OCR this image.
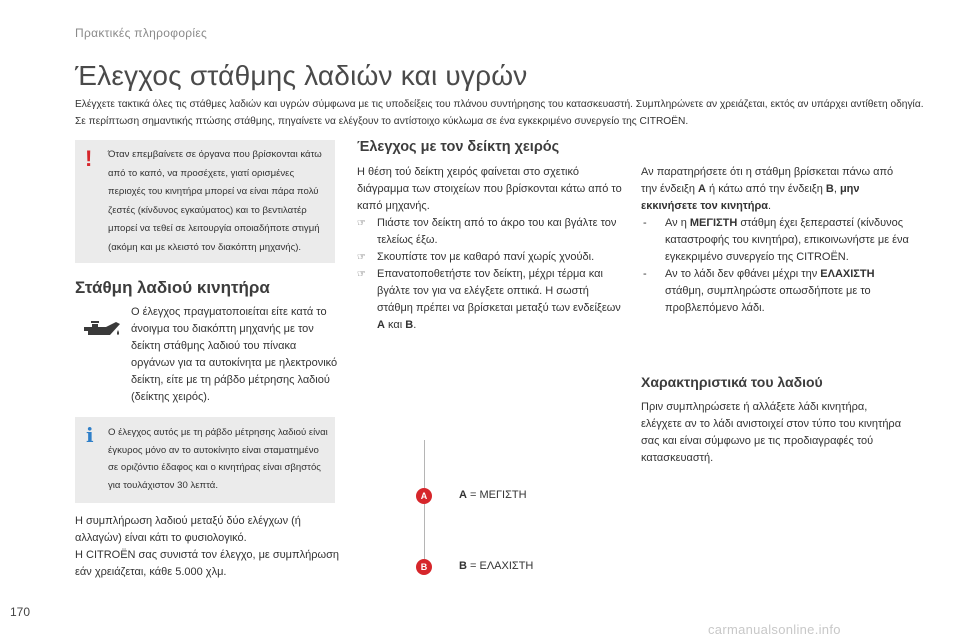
Πρακτικές πληροφορίες
Έλεγχος στάθμης λαδιών και υγρών
Ελέγχετε τακτικά όλες τις στάθμες λαδιών και υγρών σύμφωνα με τις υποδείξεις του πλάνου συντήρησης του κατασκευαστή. Συμπληρώνετε αν χρειάζεται, εκτός αν υπάρχει αντίθετη οδηγία.
Σε περίπτωση σημαντικής πτώσης στάθμης, πηγαίνετε να ελέγξουν το αντίστοιχο κύκλωμα σε ένα εγκεκριμένο συνεργείο της CITROËN.
! Όταν επεμβαίνετε σε όργανα που βρίσκονται κάτω από το καπό, να προσέχετε, γιατί ορισμένες περιοχές του κινητήρα μπορεί να είναι πάρα πολύ ζεστές (κίνδυνος εγκαύματος) και το βεντιλατέρ μπορεί να τεθεί σε λειτουργία οποιαδήποτε στιγμή (ακόμη και με κλειστό τον διακόπτη μηχανής).
Στάθμη λαδιού κινητήρα
Ο έλεγχος πραγματοποιείται είτε κατά το άνοιγμα του διακόπτη μηχανής με τον δείκτη στάθμης λαδιού του πίνακα οργάνων για τα αυτοκίνητα με ηλεκτρονικό δείκτη, είτε με τη ράβδο μέτρησης λαδιού (δείκτης χειρός).
i Ο έλεγχος αυτός με τη ράβδο μέτρησης λαδιού είναι έγκυρος μόνο αν το αυτοκίνητο είναι σταματημένο σε οριζόντιο έδαφος και ο κινητήρας είναι σβηστός για τουλάχιστον 30 λεπτά.
Η συμπλήρωση λαδιού μεταξύ δύο ελέγχων (ή αλλαγών) είναι κάτι το φυσιολογικό.
Η CITROËN σας συνιστά τον έλεγχο, με συμπλήρωση εάν χρειάζεται, κάθε 5.000 χλμ.
Έλεγχος με τον δείκτη χειρός
Η θέση τού δείκτη χειρός φαίνεται στο σχετικό διάγραμμα των στοιχείων που βρίσκονται κάτω από το καπό μηχανής.
☞ Πιάστε τον δείκτη από το άκρο του και βγάλτε τον τελείως έξω.
☞ Σκουπίστε τον με καθαρό πανί χωρίς χνούδι.
☞ Επανατοποθετήστε τον δείκτη, μέχρι τέρμα και βγάλτε τον για να ελέγξετε οπτικά. Η σωστή στάθμη πρέπει να βρίσκεται μεταξύ των ενδείξεων A και B.
Αν παρατηρήσετε ότι η στάθμη βρίσκεται πάνω από την ένδειξη A ή κάτω από την ένδειξη B, μην εκκινήσετε τον κινητήρα.
- Αν η ΜΕΓΙΣΤΗ στάθμη έχει ξεπεραστεί (κίνδυνος καταστροφής του κινητήρα), επικοινωνήστε με ένα εγκεκριμένο συνεργείο της CITROËN.
- Αν το λάδι δεν φθάνει μέχρι την ΕΛΑΧΙΣΤΗ στάθμη, συμπληρώστε οπωσδήποτε με το προβλεπόμενο λάδι.
Χαρακτηριστικά του λαδιού
Πριν συμπληρώσετε ή αλλάξετε λάδι κινητήρα, ελέγχετε αν το λάδι ανιστοιχεί στον τύπο του κινητήρα σας και είναι σύμφωνο με τις προδιαγραφές τού κατασκευαστή.
A
B
A = ΜΕΓΙΣΤΗ
B = ΕΛΑΧΙΣΤΗ
170
carmanualsonline.info
